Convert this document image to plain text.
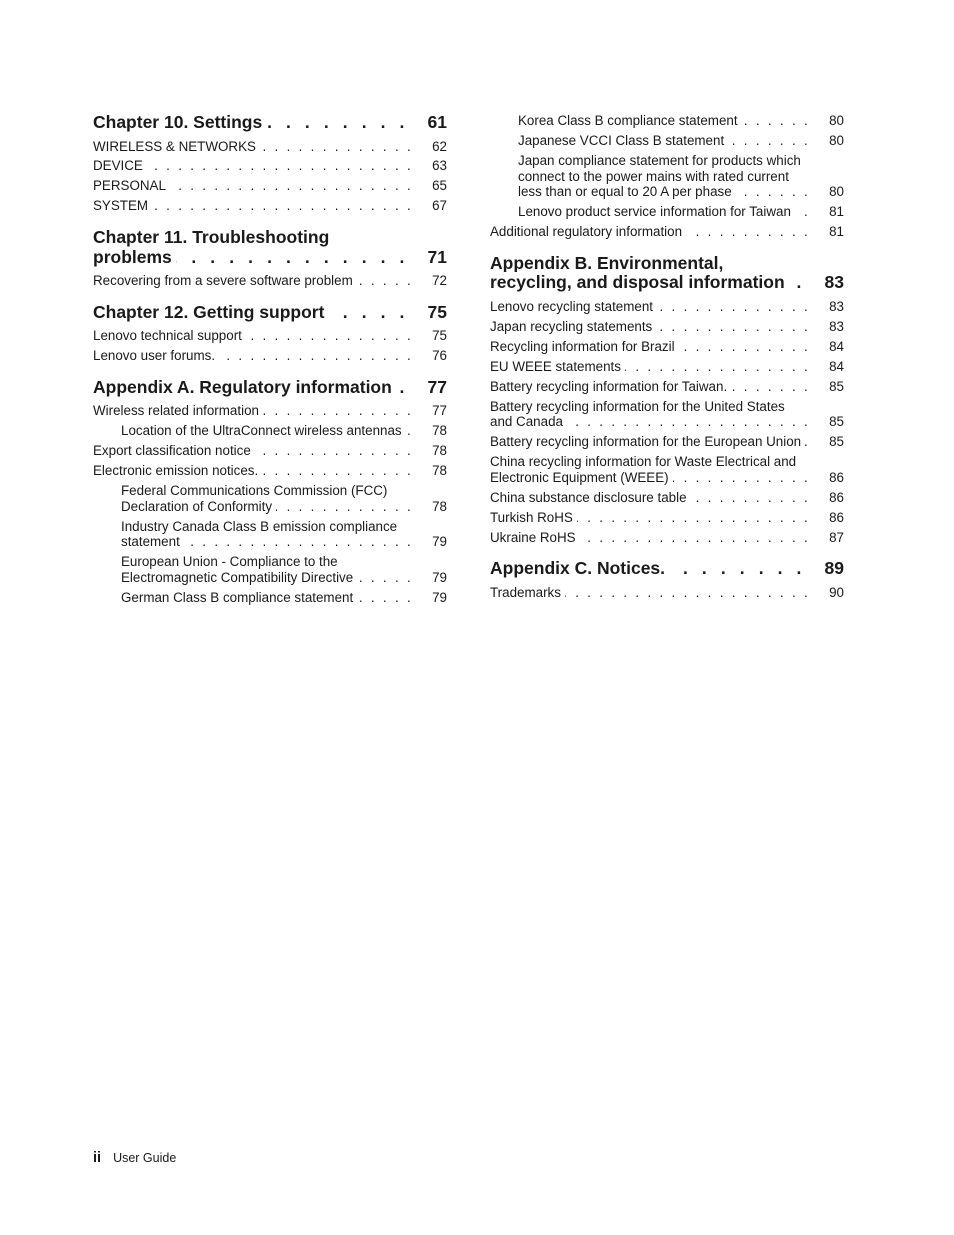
Chapter 10. Settings . . .	61
WIRELESS & NETWORKS . . .	62
DEVICE . . .	63
PERSONAL . . .	65
SYSTEM . . .	67
Chapter 11. Troubleshooting problems . . .	71
Recovering from a severe software problem . . .	72
Chapter 12. Getting support . . .	75
Lenovo technical support . . .	75
Lenovo user forums. . . .	76
Appendix A. Regulatory information . . .	77
Wireless related information . . .	77
Location of the UltraConnect wireless antennas . . .	78
Export classification notice . . .	78
Electronic emission notices. . . .	78
Federal Communications Commission (FCC) Declaration of Conformity . . .	78
Industry Canada Class B emission compliance statement . . .	79
European Union - Compliance to the Electromagnetic Compatibility Directive . . .	79
German Class B compliance statement . . .	79
Korea Class B compliance statement . . .	80
Japanese VCCI Class B statement . . .	80
Japan compliance statement for products which connect to the power mains with rated current less than or equal to 20 A per phase . . .	80
Lenovo product service information for Taiwan . . .	81
Additional regulatory information . . .	81
Appendix B. Environmental, recycling, and disposal information . . .	83
Lenovo recycling statement . . .	83
Japan recycling statements . . .	83
Recycling information for Brazil . . .	84
EU WEEE statements . . .	84
Battery recycling information for Taiwan. . . .	85
Battery recycling information for the United States and Canada . . .	85
Battery recycling information for the European Union . . .	85
China recycling information for Waste Electrical and Electronic Equipment (WEEE) . . .	86
China substance disclosure table . . .	86
Turkish RoHS . . .	86
Ukraine RoHS . . .	87
Appendix C. Notices. . . .	89
Trademarks . . .	90
ii User Guide
